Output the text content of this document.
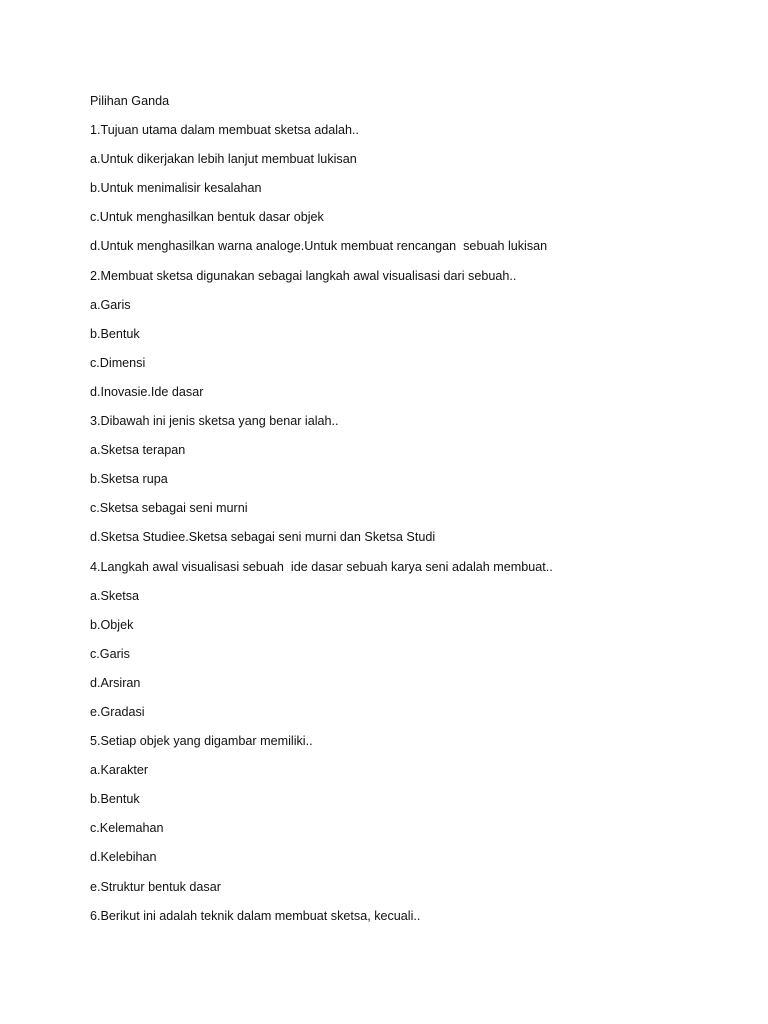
Pilihan Ganda
1.Tujuan utama dalam membuat sketsa adalah..
a.Untuk dikerjakan lebih lanjut membuat lukisan
b.Untuk menimalisir kesalahan
c.Untuk menghasilkan bentuk dasar objek
d.Untuk menghasilkan warna analoge.Untuk membuat rencangan  sebuah lukisan
2.Membuat sketsa digunakan sebagai langkah awal visualisasi dari sebuah..
a.Garis
b.Bentuk
c.Dimensi
d.Inovasie.Ide dasar
3.Dibawah ini jenis sketsa yang benar ialah..
a.Sketsa terapan
b.Sketsa rupa
c.Sketsa sebagai seni murni
d.Sketsa Studiee.Sketsa sebagai seni murni dan Sketsa Studi
4.Langkah awal visualisasi sebuah  ide dasar sebuah karya seni adalah membuat..
a.Sketsa
b.Objek
c.Garis
d.Arsiran
e.Gradasi
5.Setiap objek yang digambar memiliki..
a.Karakter
b.Bentuk
c.Kelemahan
d.Kelebihan
e.Struktur bentuk dasar
6.Berikut ini adalah teknik dalam membuat sketsa, kecuali..
